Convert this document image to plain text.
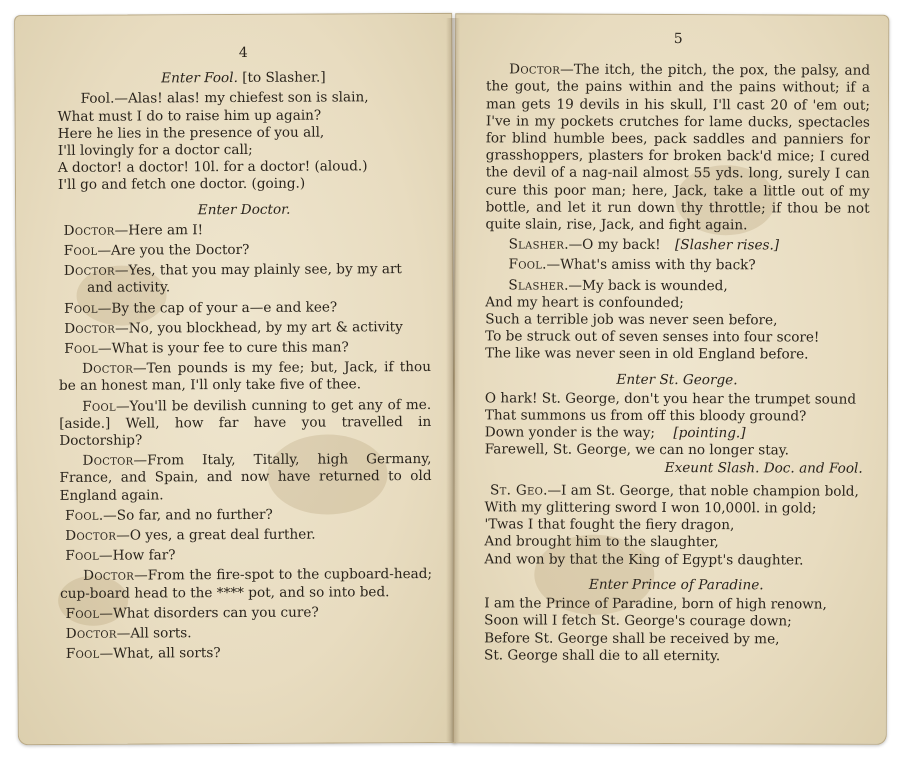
4
Enter Fool. [to Slasher.]
Fool.—Alas! alas! my chiefest son is slain,
What must I do to raise him up again?
Here he lies in the presence of you all,
I'll lovingly for a doctor call;
A doctor! a doctor! 10l. for a doctor! (aloud.)
I'll go and fetch one doctor. (going.)
Enter Doctor.
Doctor—Here am I!
Fool—Are you the Doctor?
Doctor—Yes, that you may plainly see, by my art and activity.
Fool—By the cap of your a—e and kee?
Doctor—No, you blockhead, by my art & activity
Fool—What is your fee to cure this man?
Doctor—Ten pounds is my fee; but, Jack, if thou be an honest man, I'll only take five of thee.
Fool—You'll be devilish cunning to get any of me. [aside.] Well, how far have you travelled in Doctorship?
Doctor—From Italy, Titally, high Germany, France, and Spain, and now have returned to old England again.
Fool.—So far, and no further?
Doctor—O yes, a great deal further.
Fool—How far?
Doctor—From the fire-spot to the cupboard-head; cup-board head to the **** pot, and so into bed.
Fool—What disorders can you cure?
Doctor—All sorts.
Fool—What, all sorts?
5
Doctor—The itch, the pitch, the pox, the palsy, and the gout, the pains within and the pains without; if a man gets 19 devils in his skull, I'll cast 20 of 'em out; I've in my pockets crutches for lame ducks, spectacles for blind humble bees, pack saddles and panniers for grasshoppers, plasters for broken back'd mice; I cured the devil of a nag-nail almost 55 yds. long, surely I can cure this poor man; here, Jack, take a little out of my bottle, and let it run down thy throttle; if thou be not quite slain, rise, Jack, and fight again.
Slasher.—O my back! [Slasher rises.]
Fool.—What's amiss with thy back?
Slasher.—My back is wounded,
And my heart is confounded;
Such a terrible job was never seen before,
To be struck out of seven senses into four score!
The like was never seen in old England before.
Enter St. George.
O hark! St. George, don't you hear the trumpet sound
That summons us from off this bloody ground?
Down yonder is the way; [pointing.]
Farewell, St. George, we can no longer stay.
Exeunt Slash. Doc. and Fool.
St. Geo.—I am St. George, that noble champion bold,
With my glittering sword I won 10,000l. in gold;
'Twas I that fought the fiery dragon,
And brought him to the slaughter,
And won by that the King of Egypt's daughter.
Enter Prince of Paradine.
I am the Prince of Paradine, born of high renown,
Soon will I fetch St. George's courage down;
Before St. George shall be received by me,
St. George shall die to all eternity.
